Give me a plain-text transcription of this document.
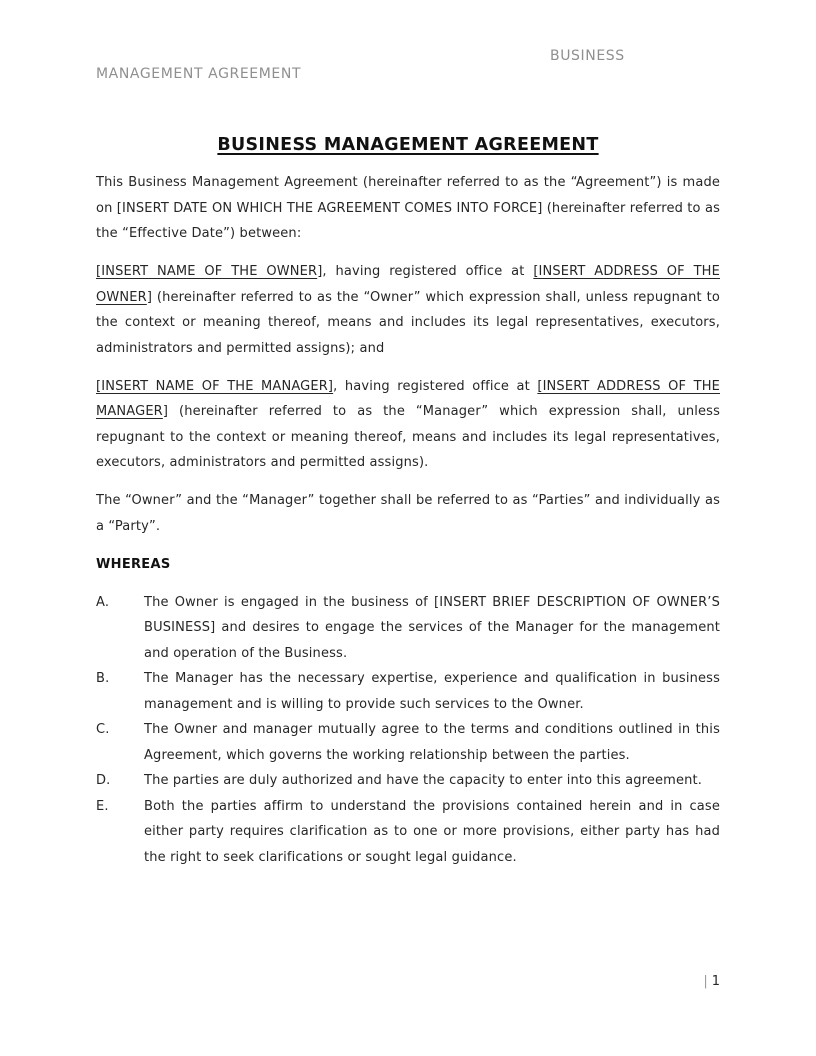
BUSINESS
MANAGEMENT AGREEMENT
BUSINESS MANAGEMENT AGREEMENT

This Business Management Agreement (hereinafter referred to as the “Agreement”) is made on [INSERT DATE ON WHICH THE AGREEMENT COMES INTO FORCE] (hereinafter referred to as the “Effective Date”) between:

[INSERT NAME OF THE OWNER], having registered office at [INSERT ADDRESS OF THE OWNER] (hereinafter referred to as the “Owner” which expression shall, unless repugnant to the context or meaning thereof, means and includes its legal representatives, executors, administrators and permitted assigns); and

[INSERT NAME OF THE MANAGER], having registered office at [INSERT ADDRESS OF THE MANAGER] (hereinafter referred to as the “Manager” which expression shall, unless repugnant to the context or meaning thereof, means and includes its legal representatives, executors, administrators and permitted assigns).

The “Owner” and the “Manager” together shall be referred to as “Parties” and individually as a “Party”.

WHEREAS

A.	The Owner is engaged in the business of [INSERT BRIEF DESCRIPTION OF OWNER’S BUSINESS] and desires to engage the services of the Manager for the management and operation of the Business.
B.	The Manager has the necessary expertise, experience and qualification in business management and is willing to provide such services to the Owner.
C.	The Owner and manager mutually agree to the terms and conditions outlined in this Agreement, which governs the working relationship between the parties.
D.	The parties are duly authorized and have the capacity to enter into this agreement.
E.	Both the parties affirm to understand the provisions contained herein and in case either party requires clarification as to one or more provisions, either party has had the right to seek clarifications or sought legal guidance.
| 1
